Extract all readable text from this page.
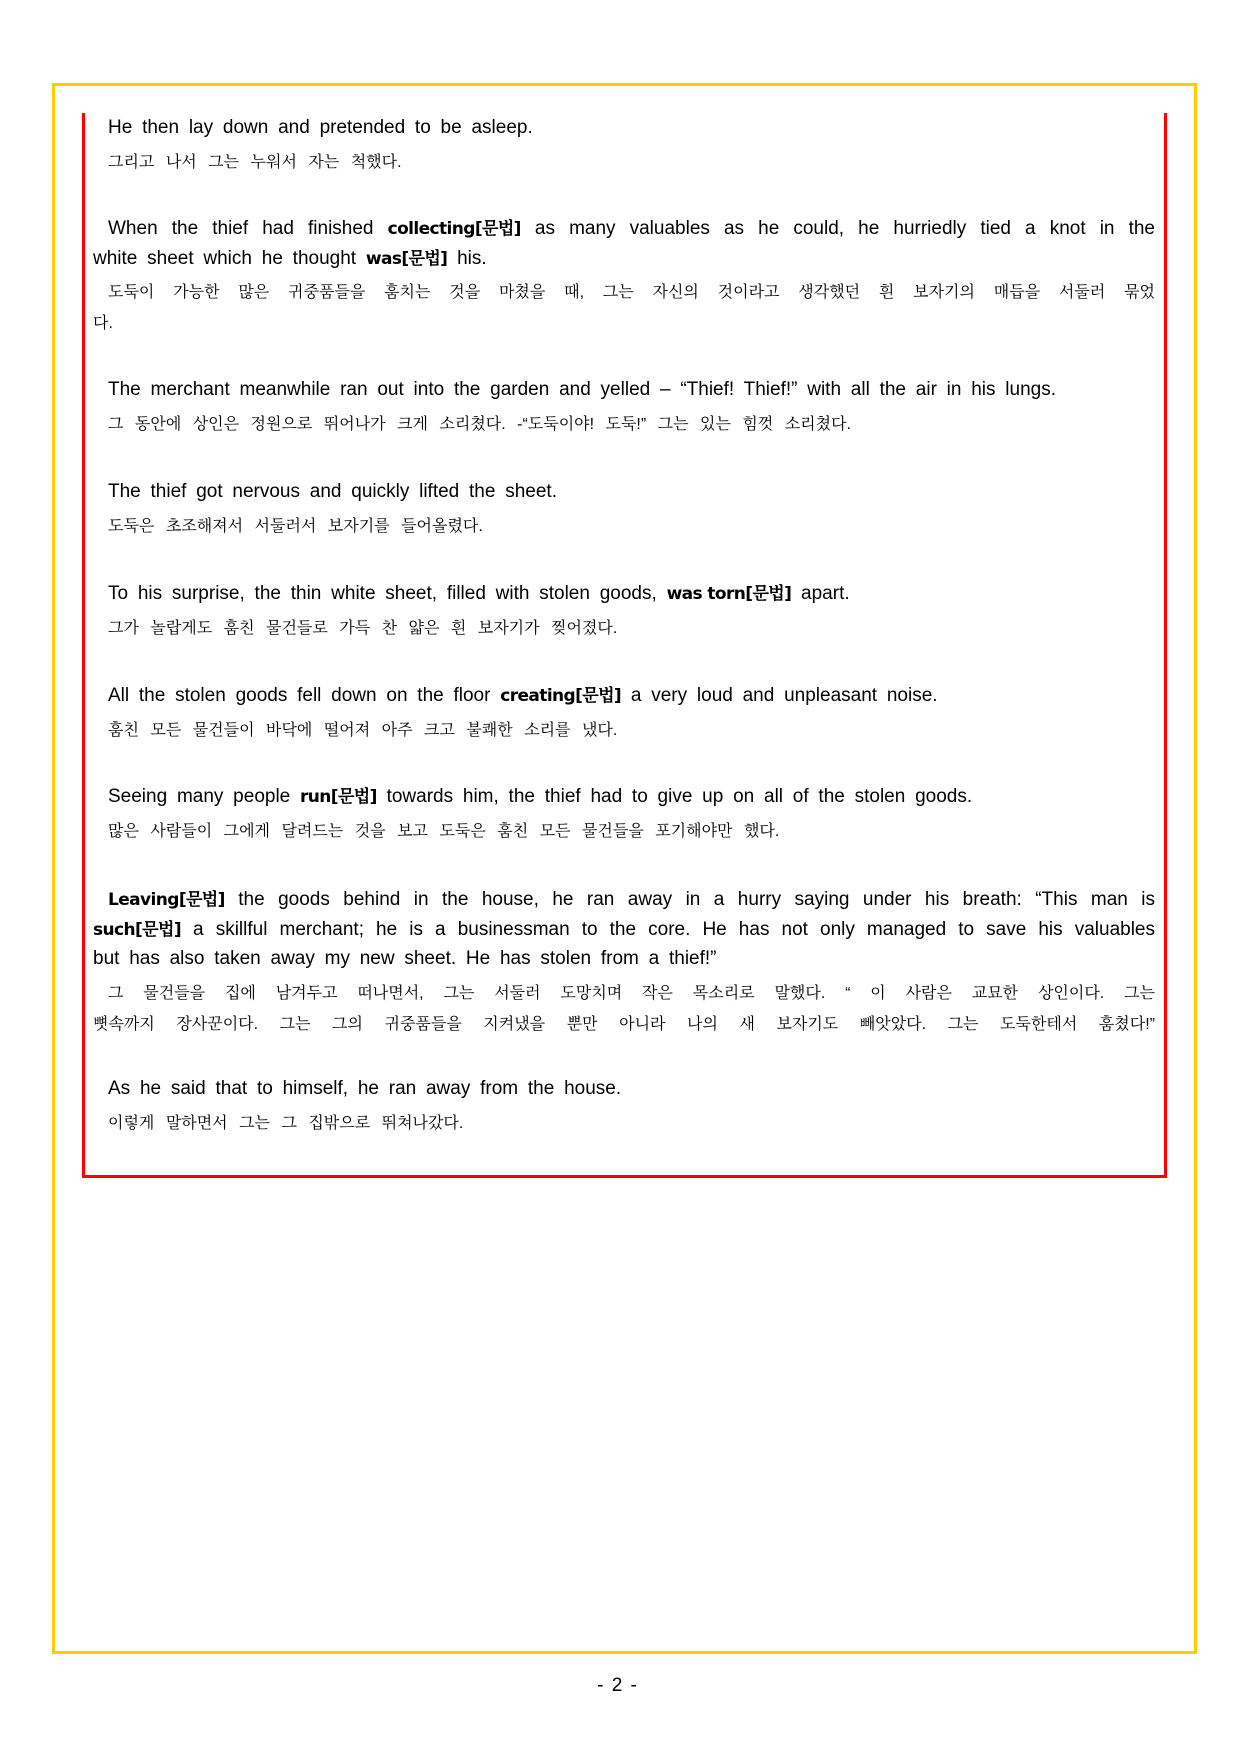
He then lay down and pretended to be asleep.
그리고 나서 그는 누워서 자는 척했다.
When the thief had finished collecting[문법] as many valuables as he could, he hurriedly tied a knot in the
white sheet which he thought was[문법] his.
도둑이 가능한 많은 귀중품들을 훔치는 것을 마쳤을 때, 그는 자신의 것이라고 생각했던 흰 보자기의 매듭을 서둘러 묶었
다.
The merchant meanwhile ran out into the garden and yelled – “Thief! Thief!” with all the air in his lungs.
그 동안에 상인은 정원으로 뛰어나가 크게 소리쳤다. -“도둑이야! 도둑!” 그는 있는 힘껏 소리쳤다.
The thief got nervous and quickly lifted the sheet.
도둑은 초조해져서 서둘러서 보자기를 들어올렸다.
To his surprise, the thin white sheet, filled with stolen goods, was torn[문법] apart.
그가 놀랍게도 훔친 물건들로 가득 찬 얇은 흰 보자기가 찢어졌다.
All the stolen goods fell down on the floor creating[문법] a very loud and unpleasant noise.
훔친 모든 물건들이 바닥에 떨어져 아주 크고 불쾌한 소리를 냈다.
Seeing many people run[문법] towards him, the thief had to give up on all of the stolen goods.
많은 사람들이 그에게 달려드는 것을 보고 도둑은 훔친 모든 물건들을 포기해야만 했다.
Leaving[문법] the goods behind in the house, he ran away in a hurry saying under his breath: “This man is
such[문법] a skillful merchant; he is a businessman to the core. He has not only managed to save his valuables
but has also taken away my new sheet. He has stolen from a thief!”
그 물건들을 집에 남겨두고 떠나면서, 그는 서둘러 도망치며 작은 목소리로 말했다. “ 이 사람은 교묘한 상인이다. 그는
뼛속까지 장사꾼이다. 그는 그의 귀중품들을 지켜냈을 뿐만 아니라 나의 새 보자기도 빼앗았다. 그는 도둑한테서 훔쳤다!”
As he said that to himself, he ran away from the house.
이렇게 말하면서 그는 그 집밖으로 뛰쳐나갔다.
- 2 -
